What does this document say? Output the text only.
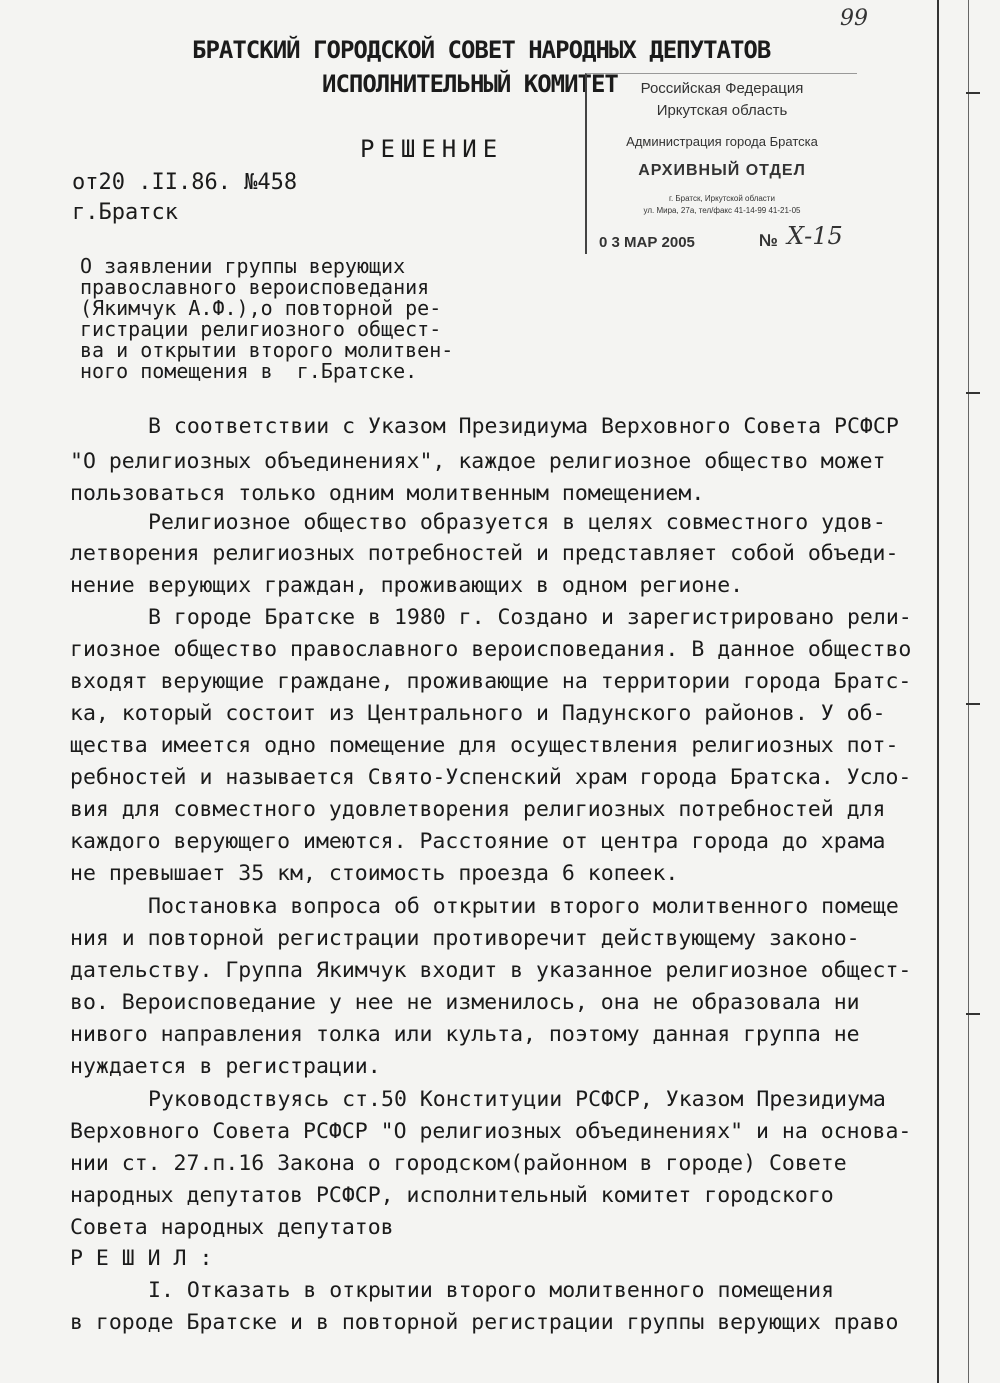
99
БРАТСКИЙ ГОРОДСКОЙ СОВЕТ НАРОДНЫХ ДЕПУТАТОВ
ИСПОЛНИТЕЛЬНЫЙ КОМИТЕТ	Российская Федерация
Иркутская область
Администрация города Братска
АРХИВНЫЙ ОТДЕЛ
г. Братск, Иркутской области
ул. Мира, 27а, тел/факс 41-14-99 41-21-05
0 3 МАР 2005	№ Х-15
РЕШЕНИЕ
от20 .II.86. №458
г.Братск
О заявлении группы верующих
православного вероисповедания
(Якимчук А.Ф.),о повторной ре-
гистрации религиозного общест-
ва и открытии второго молитвен-
ного помещения в  г.Братске.
В соответствии с Указом Президиума Верховного Совета РСФСР
"О религиозных объединениях", каждое религиозное общество может
пользоваться только одним молитвенным помещением.
Религиозное общество образуется в целях совместного удов-
летворения религиозных потребностей и представляет собой объеди-
нение верующих граждан, проживающих в одном регионе.
В городе Братске в 1980 г. Создано и зарегистрировано рели-
гиозное общество православного вероисповедания. В данное общество
входят верующие граждане, проживающие на территории города Братс-
ка, который состоит из Центрального и Падунского районов. У об-
щества имеется одно помещение для осуществления религиозных пот-
ребностей и называется Свято-Успенский храм города Братска. Усло-
вия для совместного удовлетворения религиозных потребностей для
каждого верующего имеются. Расстояние от центра города до храма
не превышает 35 км, стоимость проезда 6 копеек.
Постановка вопроса об открытии второго молитвенного помеще
ния и повторной регистрации противоречит действующему законо-
дательству. Группа Якимчук входит в указанное религиозное общест-
во. Вероисповедание у нее не изменилось, она не образовала ни
нивого направления толка или культа, поэтому данная группа не
нуждается в регистрации.
Руководствуясь ст.50 Конституции РСФСР, Указом Президиума
Верховного Совета РСФСР "О религиозных объединениях" и на основа-
нии ст. 27.п.16 Закона о городском(районном в городе) Совете
народных депутатов РСФСР, исполнительный комитет городского
Совета народных депутатов
Р Е Ш И Л :
I. Отказать в открытии второго молитвенного помещения
в городе Братске и в повторной регистрации группы верующих право
